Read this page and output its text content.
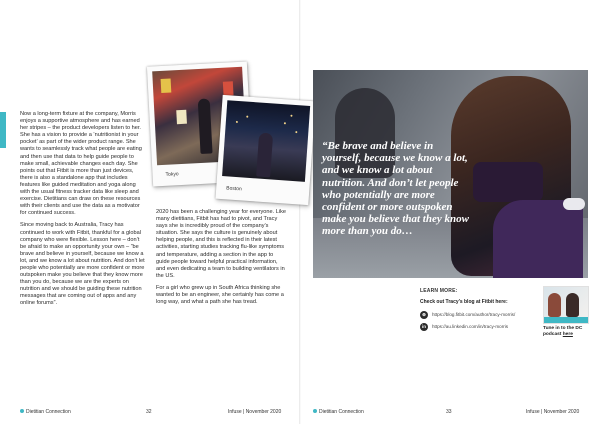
Now a long-term fixture at the company, Morris enjoys a supportive atmosphere and has earned her stripes – the product developers listen to her. She has a vision to provide a ‘nutritionist in your pocket’ as part of the wider product range. She wants to seamlessly track what people are eating and then use that data to help guide people to make small, achievable changes each day. She points out that Fitbit is more than just devices, there is also a standalone app that includes features like guided meditation and yoga along with the usual fitness tracker data like sleep and exercise. Dietitians can draw on these resources with their clients and use the data as a motivator for continued success.

Since moving back to Australia, Tracy has continued to work with Fitbit, thankful for a global company who were flexible. Lesson here – don’t be afraid to make an opportunity your own – “be brave and believe in yourself, because we know a lot, and we know a lot about nutrition. And don’t let people who potentially are more confident or more outspoken make you believe that they know more than you do, because we are the experts on nutrition and we should be guiding these nutrition messages that are coming out of apps and any online forums”.

Tokyo
Boston

2020 has been a challenging year for everyone. Like many dietitians, Fitbit has had to pivot, and Tracy says she is incredibly proud of the company’s situation. She says the culture is genuinely about helping people, and this is reflected in their latest activities, starting studies tracking flu-like symptoms and temperature, adding a section in the app to guide people toward helpful practical information, and even dedicating a team to building ventilators in the US.

For a girl who grew up in South Africa thinking she wanted to be an engineer, she certainly has come a long way, and what a path she has tread.

“Be brave and believe in yourself, because we know a lot, and we know a lot about nutrition. And don’t let people who potentially are more confident or more outspoken make you believe that they know more than you do…

LEARN MORE:
Check out Tracy’s blog at Fitbit here:
⊕	https://blog.fitbit.com/author/tracy-morris/
in	https://au.linkedin.com/in/tracy-morris	Tune in to the DC podcast here
Dietitian Connection	32	Infuse | November 2020	Dietitian Connection	33	Infuse | November 2020
